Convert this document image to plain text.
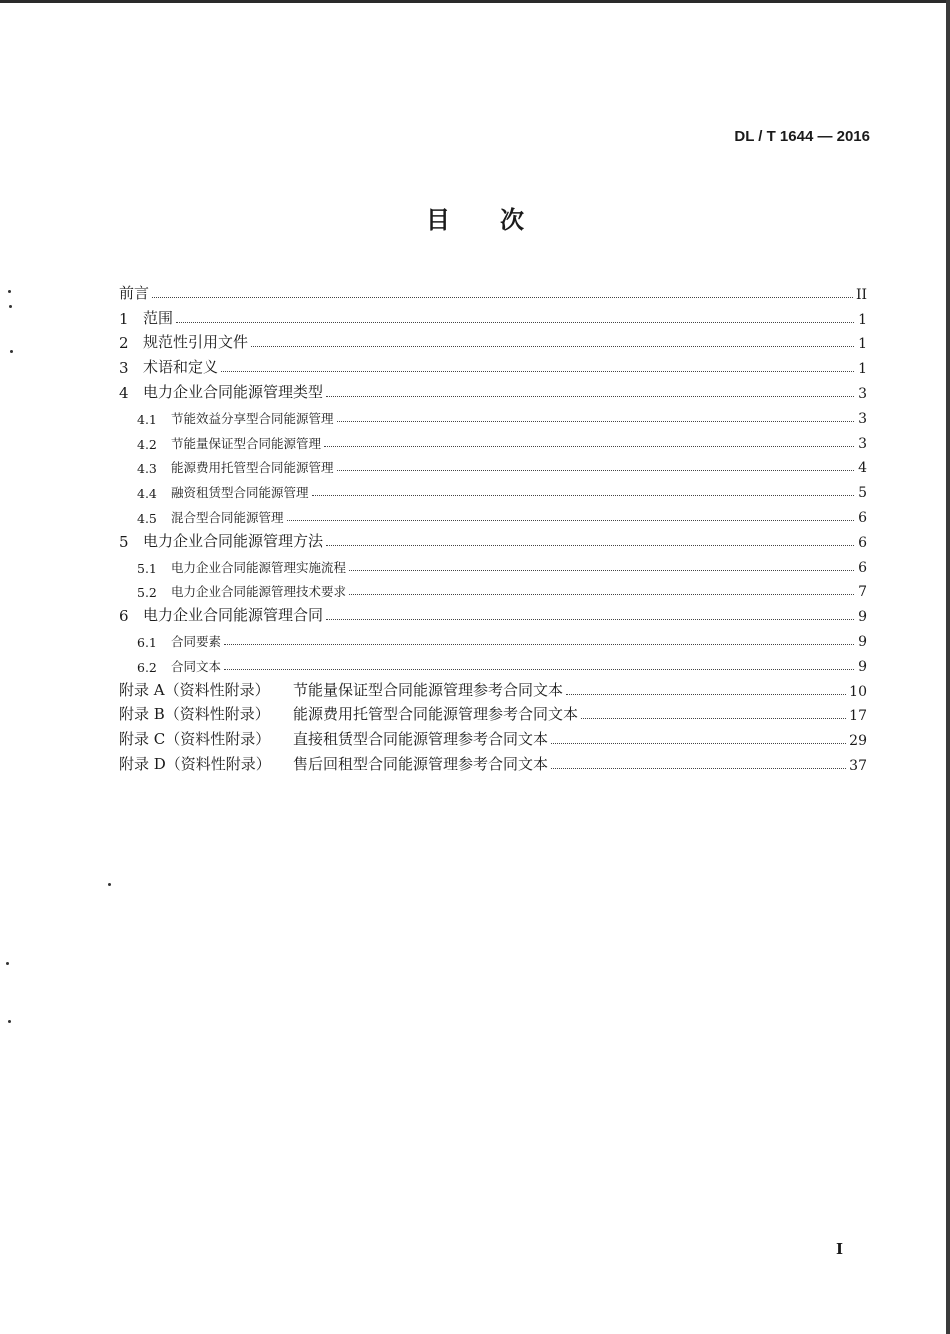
DL / T 1644 — 2016
目次
前言	II
1 范围	1
2 规范性引用文件	1
3 术语和定义	1
4 电力企业合同能源管理类型	3
4.1	节能效益分享型合同能源管理	3
4.2	节能量保证型合同能源管理	3
4.3	能源费用托管型合同能源管理	4
4.4	融资租赁型合同能源管理	5
4.5	混合型合同能源管理	6
5 电力企业合同能源管理方法	6
5.1	电力企业合同能源管理实施流程	6
5.2	电力企业合同能源管理技术要求	7
6 电力企业合同能源管理合同	9
6.1	合同要素	9
6.2	合同文本	9
附录 A（资料性附录）	节能量保证型合同能源管理参考合同文本	10
附录 B（资料性附录）	能源费用托管型合同能源管理参考合同文本	17
附录 C（资料性附录）	直接租赁型合同能源管理参考合同文本	29
附录 D（资料性附录）	售后回租型合同能源管理参考合同文本	37
I
